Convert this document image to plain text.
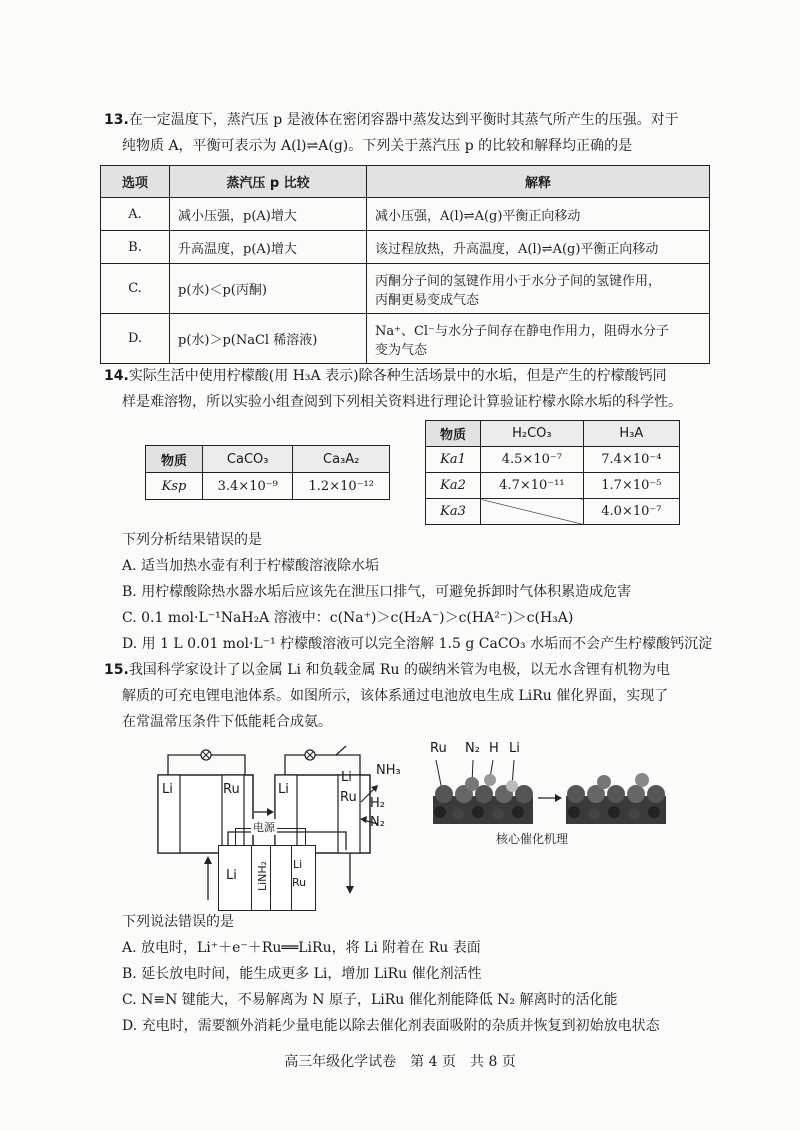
13.在一定温度下，蒸汽压 p 是液体在密闭容器中蒸发达到平衡时其蒸气所产生的压强。对于
纯物质 A，平衡可表示为 A(l)⇌A(g)。下列关于蒸汽压 p 的比较和解释均正确的是
选项	蒸汽压 p 比较	解释
A.	减小压强，p(A)增大	减小压强，A(l)⇌A(g)平衡正向移动
B.	升高温度，p(A)增大	该过程放热，升高温度，A(l)⇌A(g)平衡正向移动
C.	p(水)＜p(丙酮)	丙酮分子间的氢键作用小于水分子间的氢键作用，
丙酮更易变成气态

D.	p(水)＞p(NaCl 稀溶液)	Na⁺、Cl⁻与水分子间存在静电作用力，阻碍水分子
变为气态
14.实际生活中使用柠檬酸(用 H₃A 表示)除各种生活场景中的水垢，但是产生的柠檬酸钙同
样是难溶物，所以实验小组查阅到下列相关资料进行理论计算验证柠檬水除水垢的科学性。
物质	CaCO₃	Ca₃A₂
Ksp	3.4×10⁻⁹	1.2×10⁻¹²
物质	H₂CO₃	H₃A
Ka1	4.5×10⁻⁷	7.4×10⁻⁴
Ka2	4.7×10⁻¹¹	1.7×10⁻⁵
Ka3		4.0×10⁻⁷
下列分析结果错误的是
A. 适当加热水壶有利于柠檬酸溶液除水垢
B. 用柠檬酸除热水器水垢后应该先在泄压口排气，可避免拆卸时气体积累造成危害
C. 0.1 mol·L⁻¹NaH₂A 溶液中：c(Na⁺)＞c(H₂A⁻)＞c(HA²⁻)＞c(H₃A)
D. 用 1 L 0.01 mol·L⁻¹ 柠檬酸溶液可以完全溶解 1.5 g CaCO₃ 水垢而不会产生柠檬酸钙沉淀
15.我国科学家设计了以金属 Li 和负载金属 Ru 的碳纳米管为电极，以无水含锂有机物为电
解质的可充电锂电池体系。如图所示，该体系通过电池放电生成 LiRu 催化界面，实现了
在常温常压条件下低能耗合成氨。
Li	Ru	Li
Li
Ru
NH₃
H₂
N₂
电源
Li LiNH₂ Li
Ru
Ru N₂ H Li
核心催化机理
下列说法错误的是
A. 放电时，Li⁺＋e⁻＋Ru══LiRu，将 Li 附着在 Ru 表面
B. 延长放电时间，能生成更多 Li，增加 LiRu 催化剂活性
C. N≡N 键能大，不易解离为 N 原子，LiRu 催化剂能降低 N₂ 解离时的活化能
D. 充电时，需要额外消耗少量电能以除去催化剂表面吸附的杂质并恢复到初始放电状态
高三年级化学试卷　第 4 页　共 8 页
